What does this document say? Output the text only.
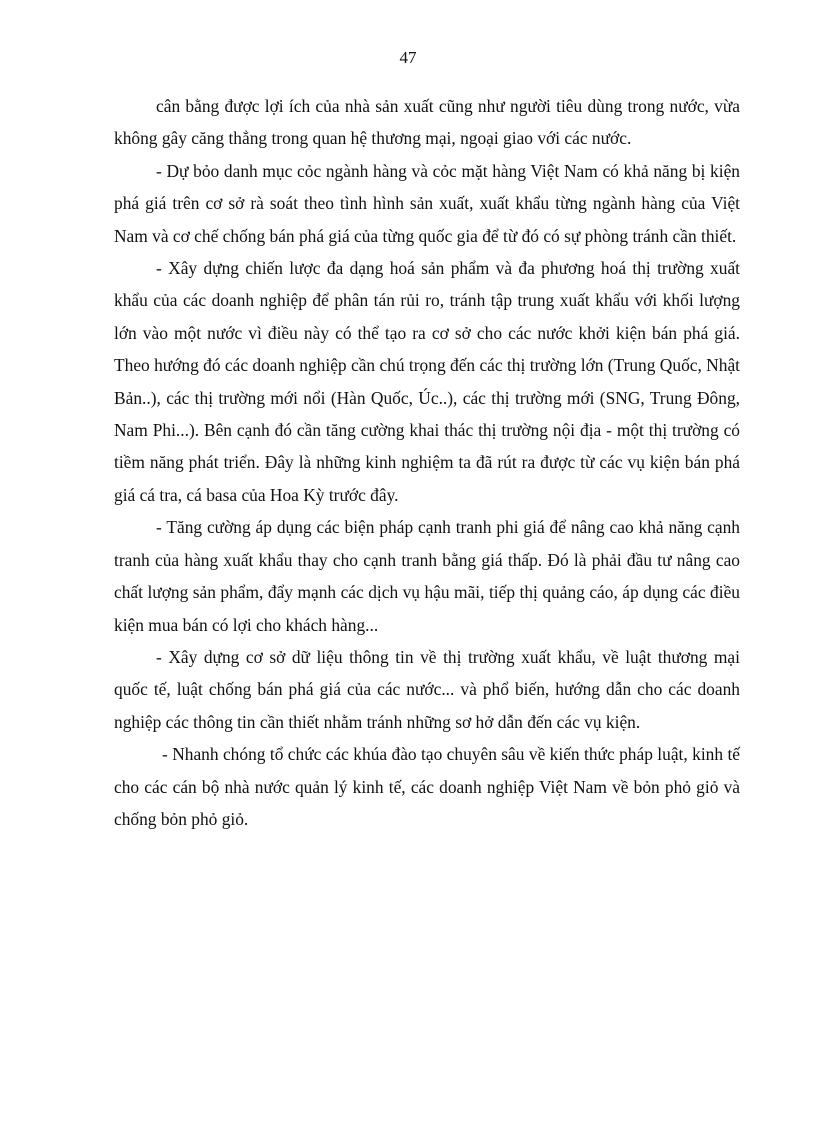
47

cân bằng được lợi ích của nhà sản xuất cũng như người tiêu dùng trong nước, vừa không gây căng thẳng trong quan hệ thương mại, ngoại giao với các nước.

- Dự bỏo danh mục cỏc ngành hàng và cỏc mặt hàng Việt Nam có khả năng bị kiện phá giá trên cơ sở rà soát theo tình hình sản xuất, xuất khẩu từng ngành hàng của Việt Nam và cơ chế chống bán phá giá của từng quốc gia để từ đó có sự phòng tránh cần thiết.

- Xây dựng chiến lược đa dạng hoá sản phẩm và đa phương hoá thị trường xuất khẩu của các doanh nghiệp để phân tán rủi ro, tránh tập trung xuất khẩu với khối lượng lớn vào một nước vì điều này có thể tạo ra cơ sở cho các nước khởi kiện bán phá giá. Theo hướng đó các doanh nghiệp cần chú trọng đến các thị trường lớn (Trung Quốc, Nhật Bản..), các thị trường mới nổi (Hàn Quốc, Úc..), các thị trường mới (SNG, Trung Đông, Nam Phi...). Bên cạnh đó cần tăng cường khai thác thị trường nội địa - một thị trường có tiềm năng phát triển. Đây là những kinh nghiệm ta đã rút ra được từ các vụ kiện bán phá giá cá tra, cá basa của Hoa Kỳ trước đây.

- Tăng cường áp dụng các biện pháp cạnh tranh phi giá để nâng cao khả năng cạnh tranh của hàng xuất khẩu thay cho cạnh tranh bằng giá thấp. Đó là phải đầu tư nâng cao chất lượng sản phẩm, đẩy mạnh các dịch vụ hậu mãi, tiếp thị quảng cáo, áp dụng các điều kiện mua bán có lợi cho khách hàng...

- Xây dựng cơ sở dữ liệu thông tin về thị trường xuất khẩu, về luật thương mại quốc tế, luật chống bán phá giá của các nước... và phổ biến, hướng dẫn cho các doanh nghiệp các thông tin cần thiết nhằm tránh những sơ hở dẫn đến các vụ kiện.

- Nhanh chóng tổ chức các khúa đào tạo chuyên sâu về kiến thức pháp luật, kinh tế cho các cán bộ nhà nước quản lý kinh tế, các doanh nghiệp Việt Nam về bỏn phỏ giỏ và chống bỏn phỏ giỏ.
